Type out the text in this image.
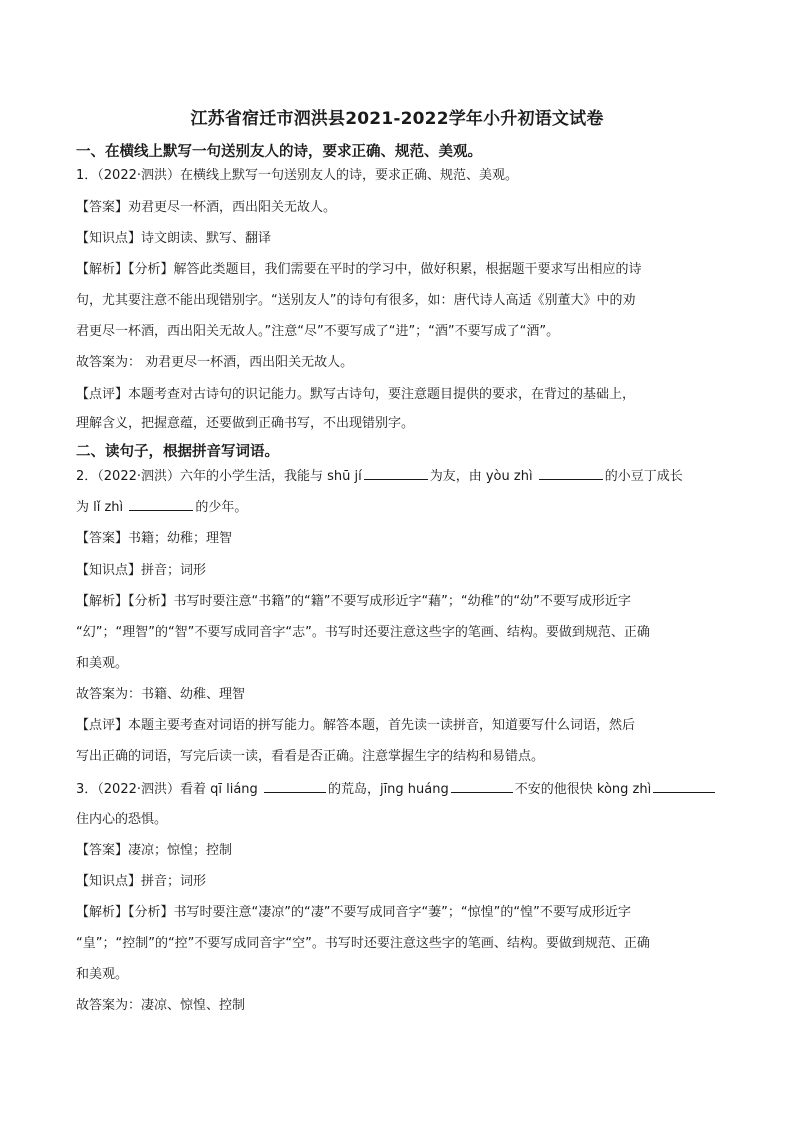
江苏省宿迁市泗洪县2021-2022学年小升初语文试卷
一、在横线上默写一句送别友人的诗，要求正确、规范、美观。
1．（2022·泗洪）在横线上默写一句送别友人的诗，要求正确、规范、美观。
【答案】劝君更尽一杯酒，西出阳关无故人。
【知识点】诗文朗读、默写、翻译
【解析】【分析】解答此类题目，我们需要在平时的学习中，做好积累，根据题干要求写出相应的诗
句，尤其要注意不能出现错别字。“送别友人”的诗句有很多，如：唐代诗人高适《别董大》中的劝
君更尽一杯酒，西出阳关无故人。”注意“尽”不要写成了“进”；“酒”不要写成了“酒”。
故答案为： 劝君更尽一杯酒，西出阳关无故人。
【点评】本题考查对古诗句的识记能力。默写古诗句，要注意题目提供的要求，在背过的基础上，
理解含义，把握意蕴，还要做到正确书写，不出现错别字。
二、读句子，根据拼音写词语。
2．（2022·泗洪）六年的小学生活，我能与 shū jí	为友，由 yòu zhì	的小豆丁成长
为 lǐ zhì	的少年。
【答案】书籍；幼稚；理智
【知识点】拼音；词形
【解析】【分析】书写时要注意“书籍”的“籍”不要写成形近字“藉”；“幼稚”的“幼”不要写成形近字
“幻”；“理智”的“智”不要写成同音字“志”。书写时还要注意这些字的笔画、结构。要做到规范、正确
和美观。
故答案为：书籍、幼稚、理智
【点评】本题主要考查对词语的拼写能力。解答本题，首先读一读拼音，知道要写什么词语，然后
写出正确的词语，写完后读一读，看看是否正确。注意掌握生字的结构和易错点。
3．（2022·泗洪）看着 qī liáng	的荒岛，jīng huáng	不安的他很快 kòng zhì
住内心的恐惧。
【答案】凄凉；惊惶；控制
【知识点】拼音；词形
【解析】【分析】书写时要注意“凄凉”的“凄”不要写成同音字“萋”；“惊惶”的“惶”不要写成形近字
“皇”；“控制”的“控”不要写成同音字“空”。书写时还要注意这些字的笔画、结构。要做到规范、正确
和美观。
故答案为：凄凉、惊惶、控制
